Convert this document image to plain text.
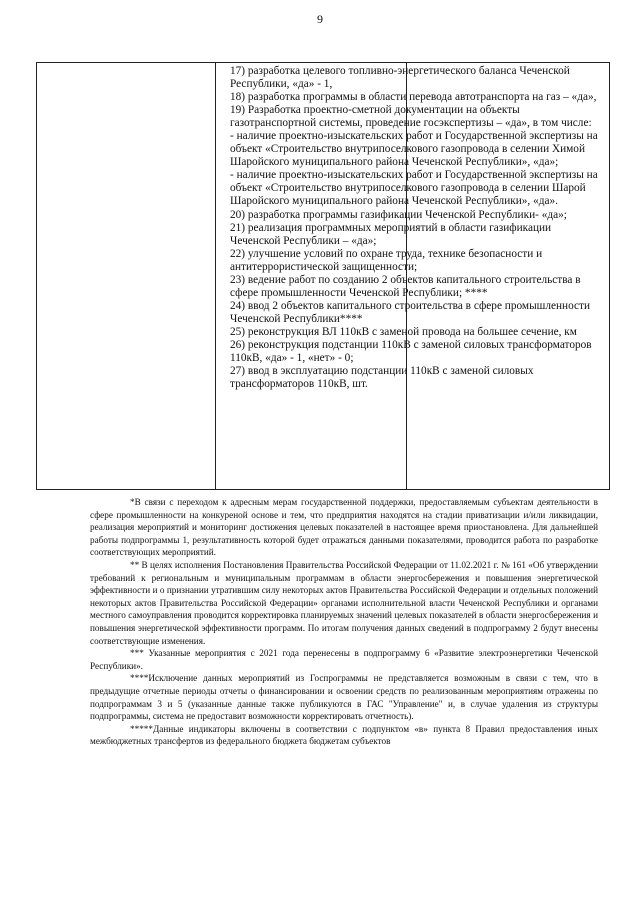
9

17) разработка целевого топливно-энергетического баланса Чеченской Республики, «да» - 1,

18) разработка программы в области перевода автотранспорта на газ – «да»,

19) Разработка проектно-сметной документации на объекты газотранспортной системы, проведение госэкспертизы – «да», в том числе:

- наличие проектно-изыскательских работ и Государственной экспертизы на объект «Строительство внутрипоселкового газопровода в селении Химой Шаройского муниципального района Чеченской Республики», «да»;

- наличие проектно-изыскательских работ и Государственной экспертизы на объект «Строительство внутрипоселкового газопровода в селении Шарой Шаройского муниципального района Чеченской Республики», «да».

20) разработка программы газификации Чеченской Республики- «да»;

21) реализация программных мероприятий в области газификации Чеченской Республики – «да»;

22) улучшение условий по охране труда, технике безопасности и антитеррористической защищенности;

23) ведение работ по созданию 2 объектов капитального строительства в сфере промышленности Чеченской Республики; ****

24) ввод 2 объектов капитального строительства в сфере промышленности Чеченской Республики****

25) реконструкция ВЛ 110кВ с заменой провода на большее сечение, км

26) реконструкция подстанции 110кВ с заменой силовых трансформаторов 110кВ, «да» - 1, «нет» - 0;

27) ввод в эксплуатацию подстанции 110кВ с заменой силовых трансформаторов 110кВ, шт.

*В связи с переходом к адресным мерам государственной поддержки, предоставляемым субъектам деятельности в сфере промышленности на конкуреной основе и тем, что предприятия находятся на стадии приватизации и/или ликвидации, реализация мероприятий и мониторинг достижения целевых показателей в настоящее время приостановлена. Для дальнейшей работы подпрограммы 1, результативность которой будет отражаться данными показателями, проводится работа по разработке соответствующих мероприятий.

** В целях исполнения Постановления Правительства Российской Федерации от 11.02.2021 г. № 161 «Об утверждении требований к региональным и муниципальным программам в области энергосбережения и повышения энергетической эффективности и о признании утратившим силу некоторых актов Правительства Российской Федерации и отдельных положений некоторых актов Правительства Российской Федерации» органами исполнительной власти Чеченской Республики и органами местного самоуправления проводится корректировка планируемых значений целевых показателей в области энергосбережения и повышения энергетической эффективности программ. По итогам получения данных сведений в подпрограмму 2 будут внесены соответствующие изменения.

*** Указанные мероприятия с 2021 года перенесены в подпрограмму 6 «Развитие электроэнергетики Чеченской Республики».

****Исключение данных мероприятий из Госпрограммы не представляется возможным в связи с тем, что в предыдущие отчетные периоды отчеты о финансировании и освоении средств по реализованным мероприятиям отражены по подпрограммам 3 и 5 (указанные данные также публикуются в ГАС "Управление" и, в случае удаления из структуры подпрограммы, система не предоставит возможности корректировать отчетность).

*****Данные индикаторы включены в соответствии с подпунктом «в» пункта 8 Правил предоставления иных межбюджетных трансфертов из федерального бюджета бюджетам субъектов
